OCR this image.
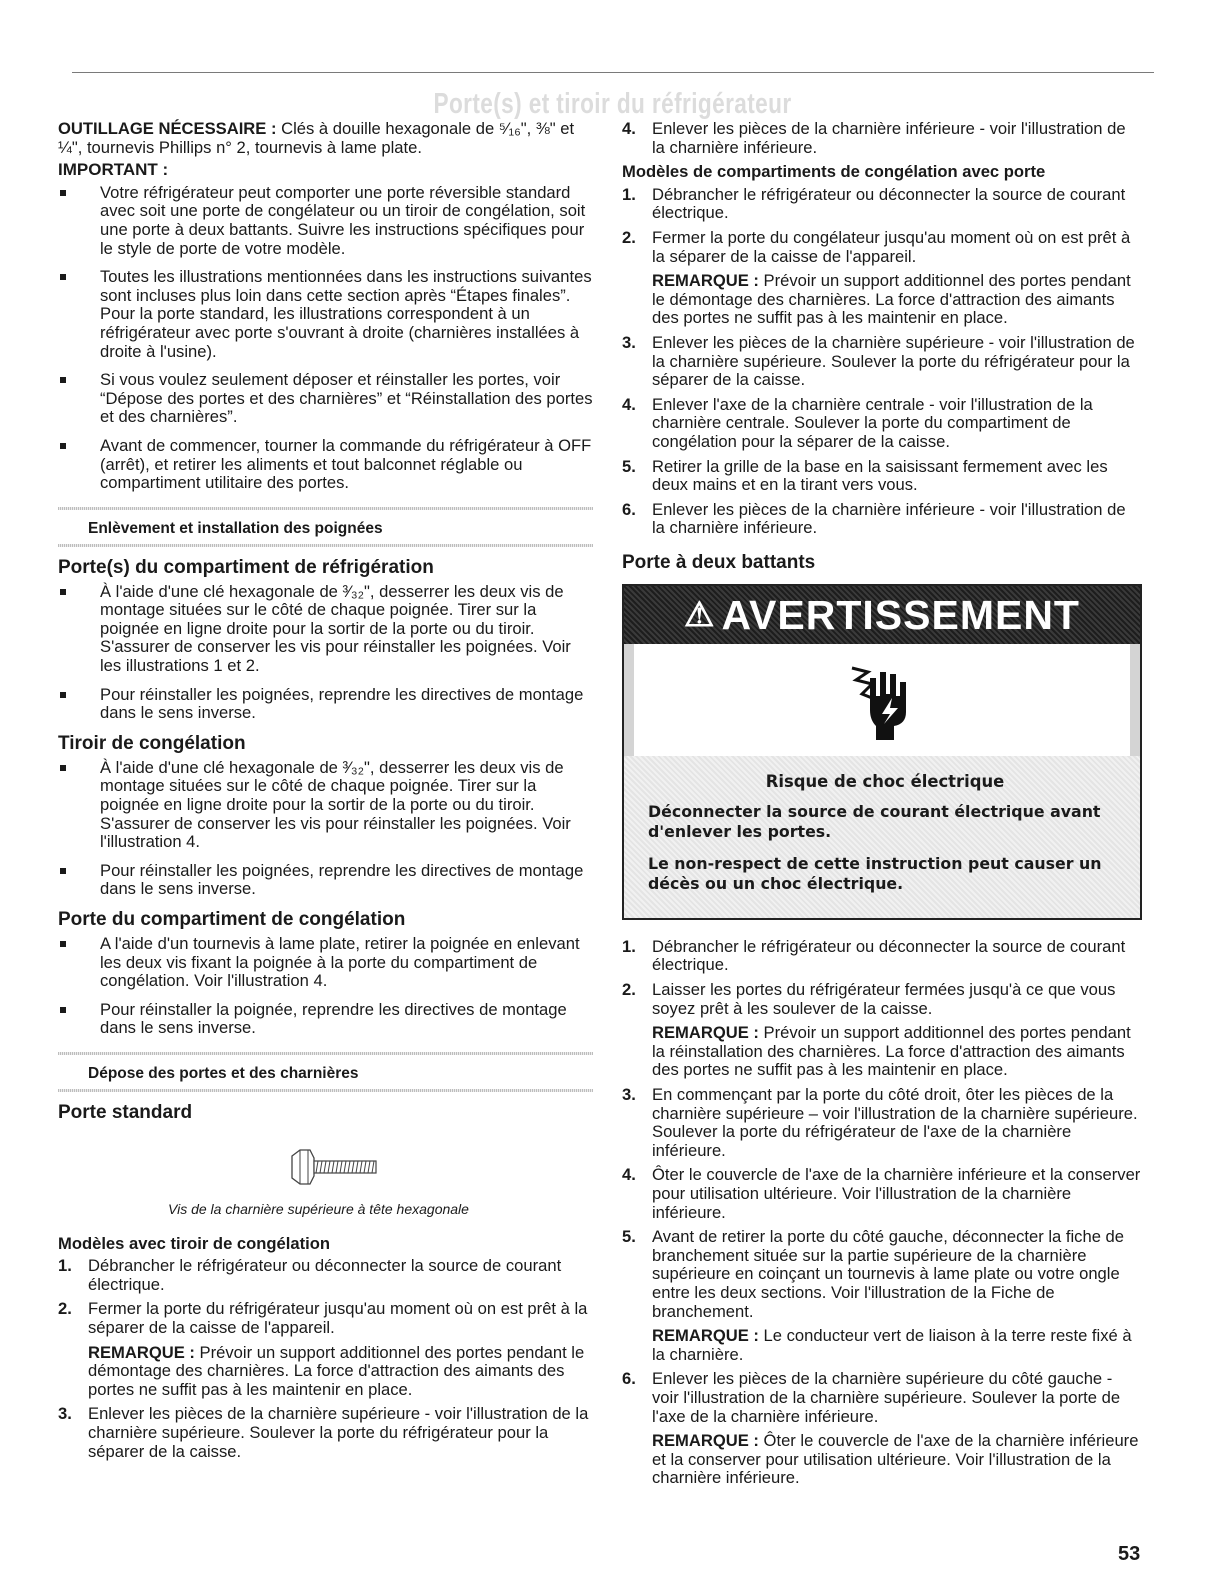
Porte(s) et tiroir du réfrigérateur

OUTILLAGE NÉCESSAIRE : Clés à douille hexagonale de ⁵⁄₁₆", ⅜" et ¼", tournevis Phillips n° 2, tournevis à lame plate.

IMPORTANT :

Votre réfrigérateur peut comporter une porte réversible standard avec soit une porte de congélateur ou un tiroir de congélation, soit une porte à deux battants. Suivre les instructions spécifiques pour le style de porte de votre modèle.
Toutes les illustrations mentionnées dans les instructions suivantes sont incluses plus loin dans cette section après “Étapes finales”. Pour la porte standard, les illustrations correspondent à un réfrigérateur avec porte s'ouvrant à droite (charnières installées à droite à l'usine).
Si vous voulez seulement déposer et réinstaller les portes, voir “Dépose des portes et des charnières” et “Réinstallation des portes et des charnières”.
Avant de commencer, tourner la commande du réfrigérateur à OFF (arrêt), et retirer les aliments et tout balconnet réglable ou compartiment utilitaire des portes.
Enlèvement et installation des poignées
Porte(s) du compartiment de réfrigération
À l'aide d'une clé hexagonale de ³⁄₃₂", desserrer les deux vis de montage situées sur le côté de chaque poignée. Tirer sur la poignée en ligne droite pour la sortir de la porte ou du tiroir. S'assurer de conserver les vis pour réinstaller les poignées. Voir les illustrations 1 et 2.
Pour réinstaller les poignées, reprendre les directives de montage dans le sens inverse.
Tiroir de congélation
À l'aide d'une clé hexagonale de ³⁄₃₂", desserrer les deux vis de montage situées sur le côté de chaque poignée. Tirer sur la poignée en ligne droite pour la sortir de la porte ou du tiroir. S'assurer de conserver les vis pour réinstaller les poignées. Voir l'illustration 4.
Pour réinstaller les poignées, reprendre les directives de montage dans le sens inverse.
Porte du compartiment de congélation
A l'aide d'un tournevis à lame plate, retirer la poignée en enlevant les deux vis fixant la poignée à la porte du compartiment de congélation. Voir l'illustration 4.
Pour réinstaller la poignée, reprendre les directives de montage dans le sens inverse.
Dépose des portes et des charnières
Porte standard

Vis de la charnière supérieure à tête hexagonale

Modèles avec tiroir de congélation
1. Débrancher le réfrigérateur ou déconnecter la source de courant électrique.
2. Fermer la porte du réfrigérateur jusqu'au moment où on est prêt à la séparer de la caisse de l'appareil.

REMARQUE : Prévoir un support additionnel des portes pendant le démontage des charnières. La force d'attraction des aimants des portes ne suffit pas à les maintenir en place.

3. Enlever les pièces de la charnière supérieure - voir l'illustration de la charnière supérieure. Soulever la porte du réfrigérateur pour la séparer de la caisse.
4. Enlever les pièces de la charnière inférieure - voir l'illustration de la charnière inférieure.
Modèles de compartiments de congélation avec porte
1. Débrancher le réfrigérateur ou déconnecter la source de courant électrique.
2. Fermer la porte du congélateur jusqu'au moment où on est prêt à la séparer de la caisse de l'appareil.

REMARQUE : Prévoir un support additionnel des portes pendant le démontage des charnières. La force d'attraction des aimants des portes ne suffit pas à les maintenir en place.

3. Enlever les pièces de la charnière supérieure - voir l'illustration de la charnière supérieure. Soulever la porte du réfrigérateur pour la séparer de la caisse.
4. Enlever l'axe de la charnière centrale - voir l'illustration de la charnière centrale. Soulever la porte du compartiment de congélation pour la séparer de la caisse.
5. Retirer la grille de la base en la saisissant fermement avec les deux mains et en la tirant vers vous.
6. Enlever les pièces de la charnière inférieure - voir l'illustration de la charnière inférieure.
Porte à deux battants
⚠ AVERTISSEMENT
Risque de choc électrique

Déconnecter la source de courant électrique avant d'enlever les portes.

Le non-respect de cette instruction peut causer un décès ou un choc électrique.

1. Débrancher le réfrigérateur ou déconnecter la source de courant électrique.
2. Laisser les portes du réfrigérateur fermées jusqu'à ce que vous soyez prêt à les soulever de la caisse.

REMARQUE : Prévoir un support additionnel des portes pendant la réinstallation des charnières. La force d'attraction des aimants des portes ne suffit pas à les maintenir en place.

3. En commençant par la porte du côté droit, ôter les pièces de la charnière supérieure – voir l'illustration de la charnière supérieure. Soulever la porte du réfrigérateur de l'axe de la charnière inférieure.
4. Ôter le couvercle de l'axe de la charnière inférieure et la conserver pour utilisation ultérieure. Voir l'illustration de la charnière inférieure.
5. Avant de retirer la porte du côté gauche, déconnecter la fiche de branchement située sur la partie supérieure de la charnière supérieure en coinçant un tournevis à lame plate ou votre ongle entre les deux sections. Voir l'illustration de la Fiche de branchement.

REMARQUE : Le conducteur vert de liaison à la terre reste fixé à la charnière.

6. Enlever les pièces de la charnière supérieure du côté gauche - voir l'illustration de la charnière supérieure. Soulever la porte de l'axe de la charnière inférieure.

REMARQUE : Ôter le couvercle de l'axe de la charnière inférieure et la conserver pour utilisation ultérieure. Voir l'illustration de la charnière inférieure.

53
